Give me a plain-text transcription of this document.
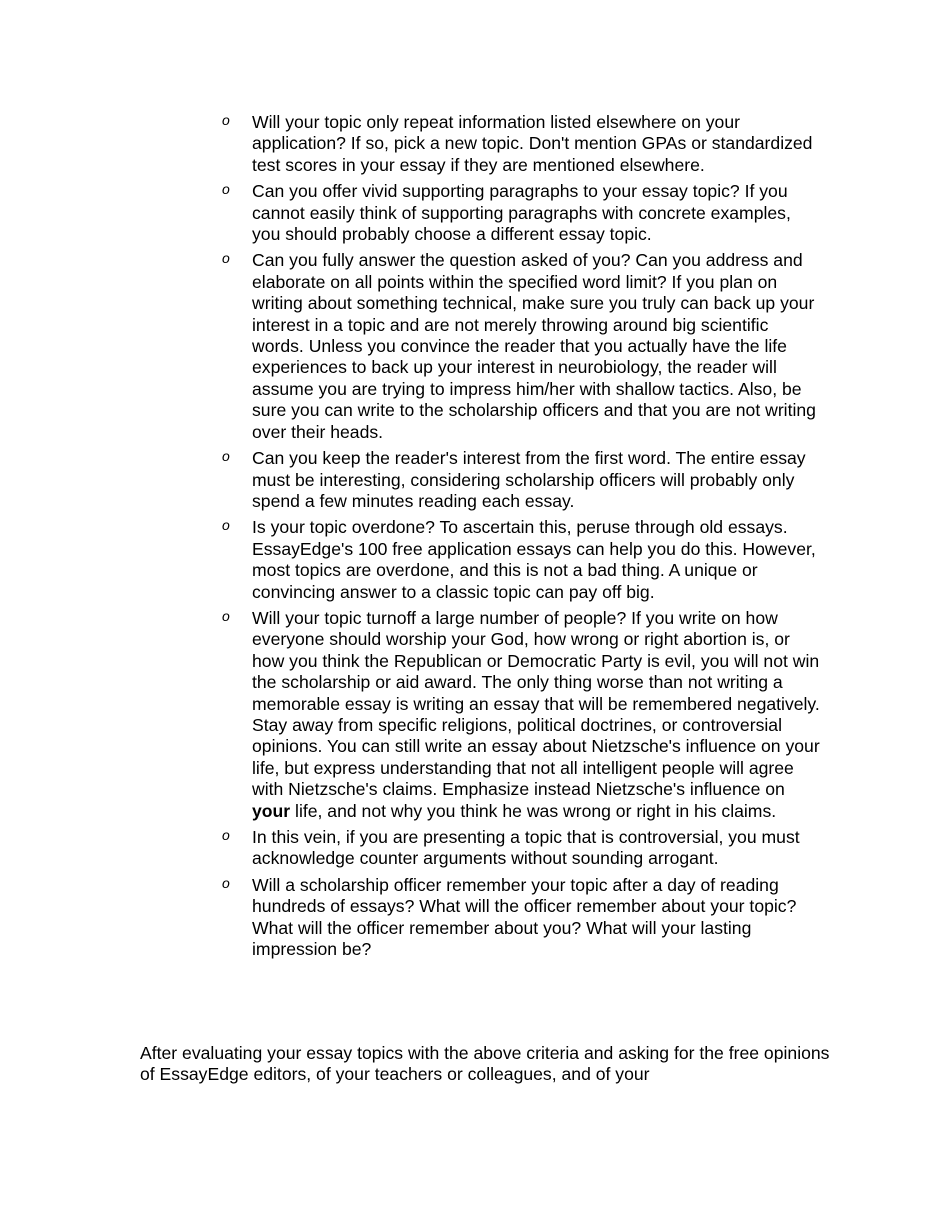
o	Will your topic only repeat information listed elsewhere on your application? If so, pick a new topic. Don't mention GPAs or standardized test scores in your essay if they are mentioned elsewhere.
o	Can you offer vivid supporting paragraphs to your essay topic? If you cannot easily think of supporting paragraphs with concrete examples, you should probably choose a different essay topic.
o	Can you fully answer the question asked of you? Can you address and elaborate on all points within the specified word limit? If you plan on writing about something technical, make sure you truly can back up your interest in a topic and are not merely throwing around big scientific words. Unless you convince the reader that you actually have the life experiences to back up your interest in neurobiology, the reader will assume you are trying to impress him/her with shallow tactics. Also, be sure you can write to the scholarship officers and that you are not writing over their heads.
o	Can you keep the reader's interest from the first word. The entire essay must be interesting, considering scholarship officers will probably only spend a few minutes reading each essay.
o	Is your topic overdone? To ascertain this, peruse through old essays. EssayEdge's 100 free application essays can help you do this. However, most topics are overdone, and this is not a bad thing. A unique or convincing answer to a classic topic can pay off big.
o	Will your topic turnoff a large number of people? If you write on how everyone should worship your God, how wrong or right abortion is, or how you think the Republican or Democratic Party is evil, you will not win the scholarship or aid award. The only thing worse than not writing a memorable essay is writing an essay that will be remembered negatively. Stay away from specific religions, political doctrines, or controversial opinions. You can still write an essay about Nietzsche's influence on your life, but express understanding that not all intelligent people will agree with Nietzsche's claims. Emphasize instead Nietzsche's influence on your life, and not why you think he was wrong or right in his claims.
o	In this vein, if you are presenting a topic that is controversial, you must acknowledge counter arguments without sounding arrogant.
o	Will a scholarship officer remember your topic after a day of reading hundreds of essays? What will the officer remember about your topic? What will the officer remember about you? What will your lasting impression be?

After evaluating your essay topics with the above criteria and asking for the free opinions of EssayEdge editors, of your teachers or colleagues, and of your
